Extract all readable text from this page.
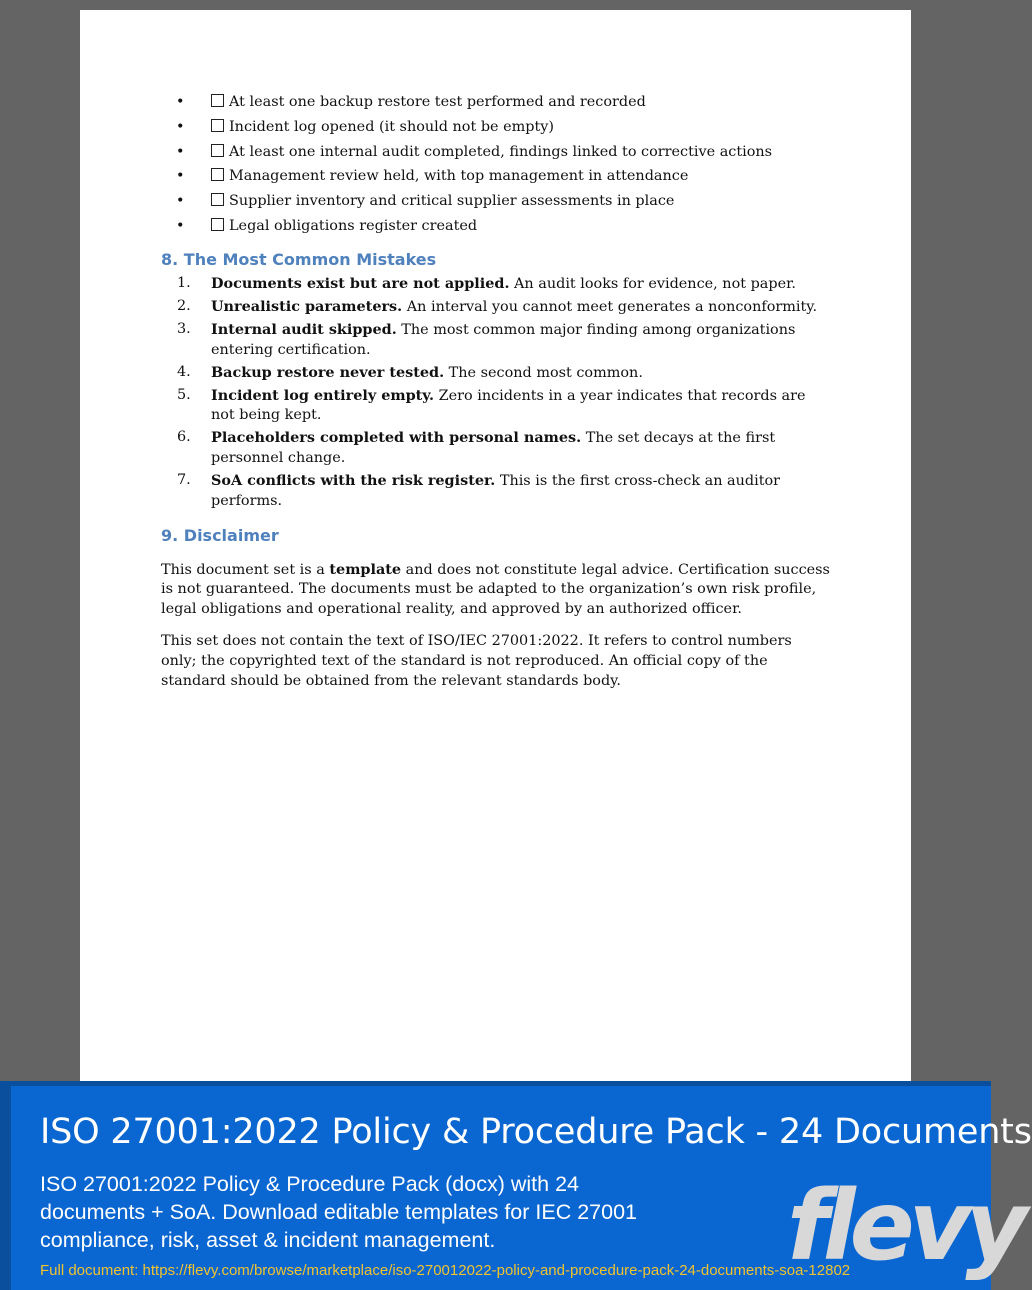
•	At least one backup restore test performed and recorded
•	Incident log opened (it should not be empty)
•	At least one internal audit completed, findings linked to corrective actions
•	Management review held, with top management in attendance
•	Supplier inventory and critical supplier assessments in place
•	Legal obligations register created
8. The Most Common Mistakes
1. Documents exist but are not applied. An audit looks for evidence, not paper.
2. Unrealistic parameters. An interval you cannot meet generates a nonconformity.
3. Internal audit skipped. The most common major finding among organizations entering certification.
4. Backup restore never tested. The second most common.
5. Incident log entirely empty. Zero incidents in a year indicates that records are not being kept.
6. Placeholders completed with personal names. The set decays at the first personnel change.
7. SoA conflicts with the risk register. This is the first cross-check an auditor performs.
9. Disclaimer

This document set is a template and does not constitute legal advice. Certification success is not guaranteed. The documents must be adapted to the organization’s own risk profile, legal obligations and operational reality, and approved by an authorized officer.

This set does not contain the text of ISO/IEC 27001:2022. It refers to control numbers only; the copyrighted text of the standard is not reproduced. An official copy of the standard should be obtained from the relevant standards body.

ISO 27001:2022 Policy & Procedure Pack - 24 Documents
ISO 27001:2022 Policy & Procedure Pack (docx) with 24 documents + SoA. Download editable templates for IEC 27001 compliance, risk, asset & incident management.
Full document: https://flevy.com/browse/marketplace/iso-270012022-policy-and-procedure-pack-24-documents-soa-12802
flevy
